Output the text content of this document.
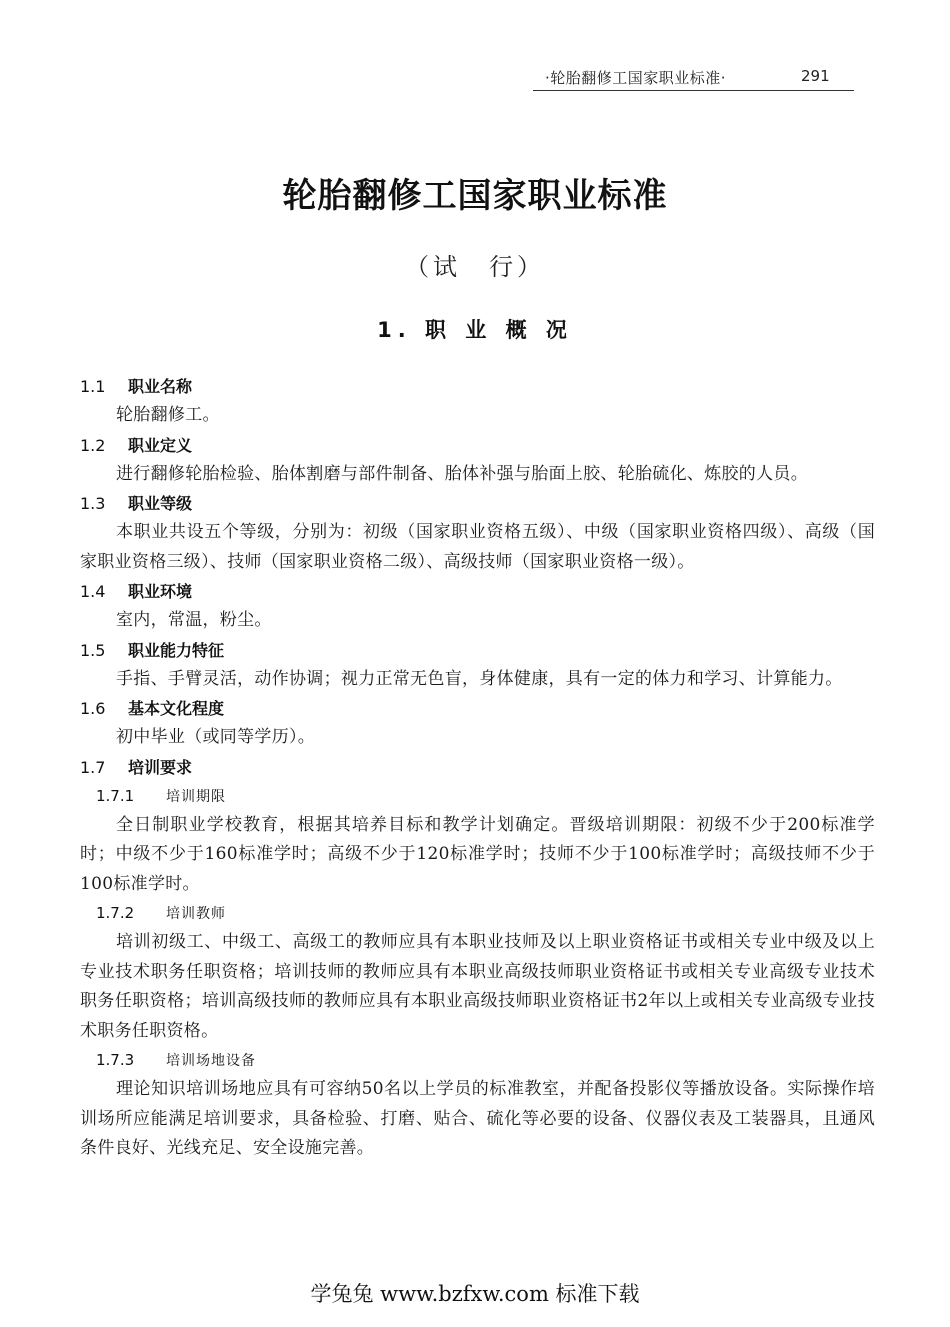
·轮胎翻修工国家职业标准·	291
轮胎翻修工国家职业标准
（试　行）
1. 职 业 概 况
1.1 职业名称
轮胎翻修工。
1.2 职业定义
进行翻修轮胎检验、胎体割磨与部件制备、胎体补强与胎面上胶、轮胎硫化、炼胶的人员。
1.3 职业等级
本职业共设五个等级，分别为：初级（国家职业资格五级）、中级（国家职业资格四级）、高级（国家职业资格三级）、技师（国家职业资格二级）、高级技师（国家职业资格一级）。
1.4 职业环境
室内，常温，粉尘。
1.5 职业能力特征
手指、手臂灵活，动作协调；视力正常无色盲，身体健康，具有一定的体力和学习、计算能力。
1.6 基本文化程度
初中毕业（或同等学历）。
1.7 培训要求
1.7.1 培训期限
全日制职业学校教育，根据其培养目标和教学计划确定。晋级培训期限：初级不少于200标准学时；中级不少于160标准学时；高级不少于120标准学时；技师不少于100标准学时；高级技师不少于100标准学时。
1.7.2 培训教师
培训初级工、中级工、高级工的教师应具有本职业技师及以上职业资格证书或相关专业中级及以上专业技术职务任职资格；培训技师的教师应具有本职业高级技师职业资格证书或相关专业高级专业技术职务任职资格；培训高级技师的教师应具有本职业高级技师职业资格证书2年以上或相关专业高级专业技术职务任职资格。
1.7.3 培训场地设备
理论知识培训场地应具有可容纳50名以上学员的标准教室，并配备投影仪等播放设备。实际操作培训场所应能满足培训要求，具备检验、打磨、贴合、硫化等必要的设备、仪器仪表及工装器具，且通风条件良好、光线充足、安全设施完善。
学兔兔 www.bzfxw.com 标准下载
